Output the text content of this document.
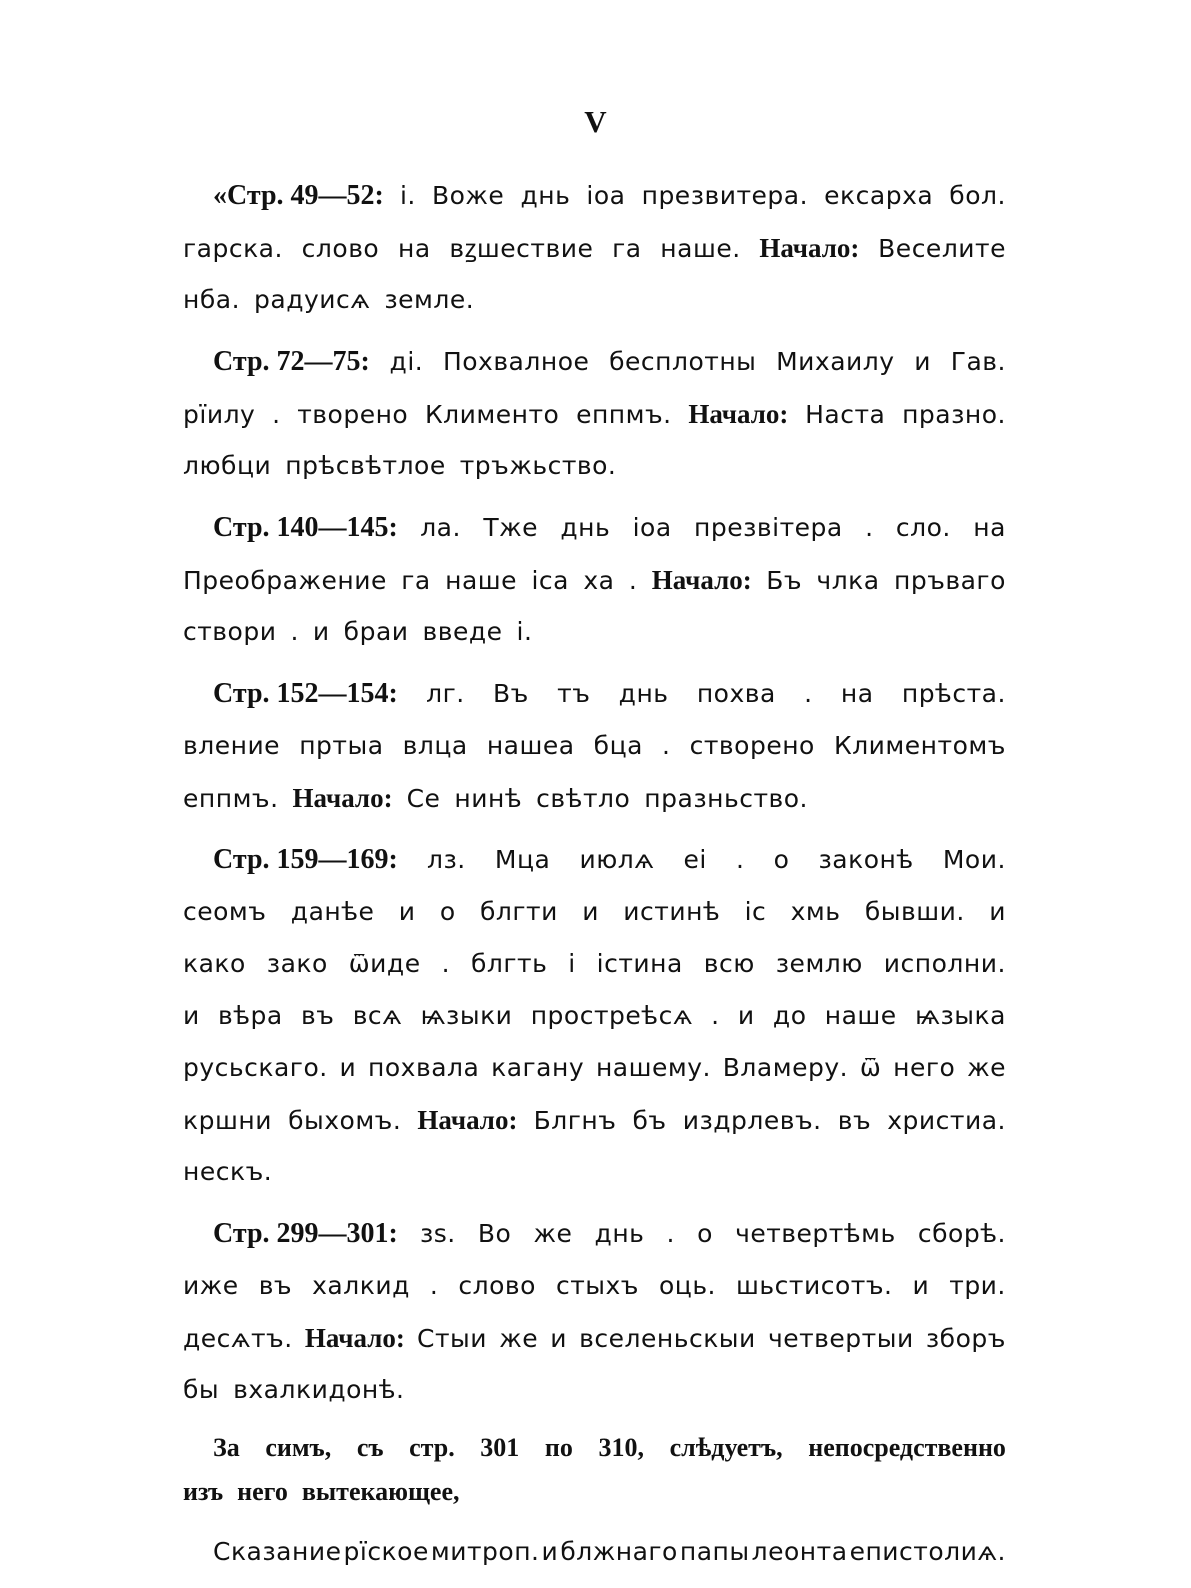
V
«Стр. 49—52: і. Воже днь іоа презвитера. ексарха бол.
гарска. слово на вꙁшествие га наше. Начало: Веселите
нба. радуисѧ земле.
Стр. 72—75: ді. Похвалное бесплотны Михаилу и Гав.
рїилу . творено Клименто еппмъ. Начало: Наста празно.
любци прѣсвѣтлое тръжьство.
Стр. 140—145: ла. Тже днь іоа презвітера . сло. на
Преображение га наше іса ха . Начало: Бъ члка пръваго
створи . и браи введе і.
Стр. 152—154: лг. Въ тъ днь похва . на прѣста.
вление пртыа влца нашеа бца . створено Климентомъ
еппмъ. Начало: Се нинѣ свѣтло празньство.
Стр. 159—169: лз. Мца июлѧ еі . о законѣ Мои.
сеомъ данѣе и о блгти и истинѣ іс хмь бывши. и
како зако ѿиде . блгть і істина всю землю исполни.
и вѣра въ всѧ ѩзыки простреѣсѧ . и до наше ѩзыка
русьскаго. и похвала кагану нашему. Вламеру. ѿ него же
кршни быхомъ. Начало: Блгнъ бъ издрлевъ. въ христиа.
нескъ.
Стр. 299—301: зѕ. Во же днь . о четвертѣмь сборѣ.
иже въ халкид . слово стыхъ оць. шьстисотъ. и три.
десѧтъ. Начало: Стыи же и вселеньскыи четвертыи зборъ
бы вхалкидонѣ.
За симъ, съ стр. 301 по 310, слѣдуетъ, непосредственно
изъ него вытекающее,
Сказание рїское митроп. и блжнаго папы леонта епистолиѧ.
